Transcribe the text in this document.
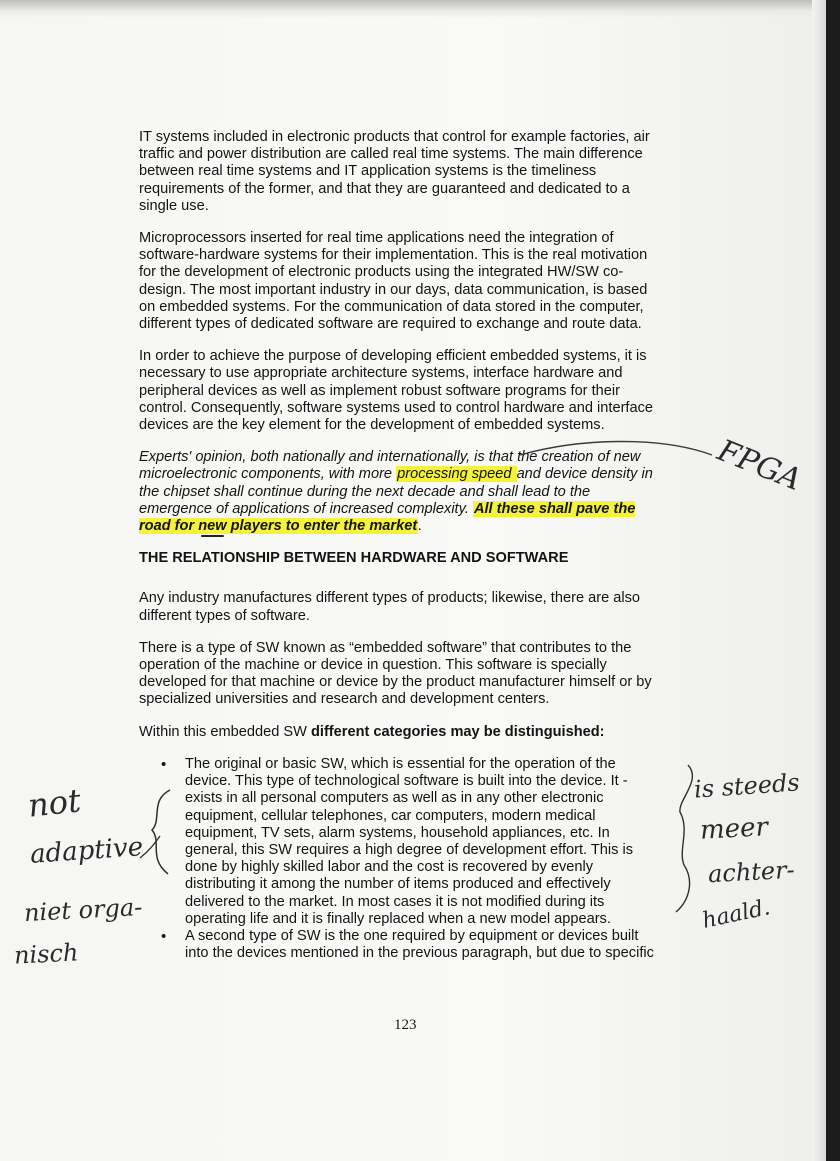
IT systems included in electronic products that control for example factories, air traffic and power distribution are called real time systems. The main difference between real time systems and IT application systems is the timeliness requirements of the former, and that they are guaranteed and dedicated to a single use.

Microprocessors inserted for real time applications need the integration of software-hardware systems for their implementation. This is the real motivation for the development of electronic products using the integrated HW/SW co-design. The most important industry in our days, data communication, is based on embedded systems. For the communication of data stored in the computer, different types of dedicated software are required to exchange and route data.

In order to achieve the purpose of developing efficient embedded systems, it is necessary to use appropriate architecture systems, interface hardware and peripheral devices as well as implement robust software programs for their control. Consequently, software systems used to control hardware and interface devices are the key element for the development of embedded systems.

Experts' opinion, both nationally and internationally, is that the creation of new microelectronic components, with more processing speed and device density in the chipset shall continue during the next decade and shall lead to the emergence of applications of increased complexity. All these shall pave the road for new players to enter the market.

THE RELATIONSHIP BETWEEN HARDWARE AND SOFTWARE

Any industry manufactures different types of products; likewise, there are also different types of software.

There is a type of SW known as “embedded software” that contributes to the operation of the machine or device in question. This software is specially developed for that machine or device by the product manufacturer himself or by specialized universities and research and development centers.

Within this embedded SW different categories may be distinguished:

• The original or basic SW, which is essential for the operation of the device. This type of technological software is built into the device. It - exists in all personal computers as well as in any other electronic equipment, cellular telephones, car computers, modern medical equipment, TV sets, alarm systems, household appliances, etc. In general, this SW requires a high degree of development effort. This is done by highly skilled labor and the cost is recovered by evenly distributing it among the number of items produced and effectively delivered to the market. In most cases it is not modified during its operating life and it is finally replaced when a new model appears.
• A second type of SW is the one required by equipment or devices built into the devices mentioned in the previous paragraph, but due to specific
123
FPGA
not
adaptive
niet orga-
nisch
is steeds
meer
achter-
haald.
